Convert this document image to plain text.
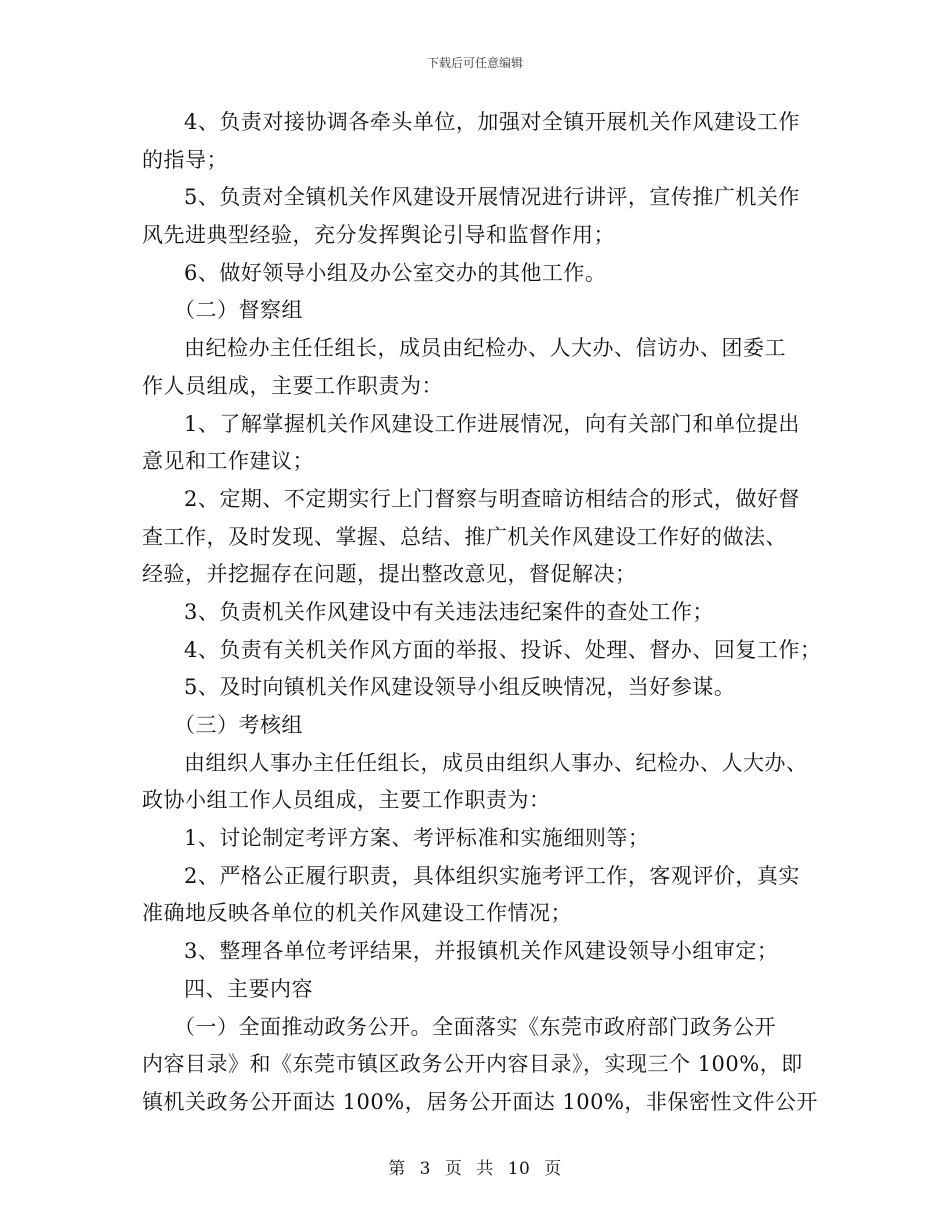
下载后可任意编辑
4、负责对接协调各牵头单位，加强对全镇开展机关作风建设工作
的指导；
5、负责对全镇机关作风建设开展情况进行讲评，宣传推广机关作
风先进典型经验，充分发挥舆论引导和监督作用；
6、做好领导小组及办公室交办的其他工作。
（二）督察组
由纪检办主任任组长，成员由纪检办、人大办、信访办、团委工
作人员组成，主要工作职责为：
1、了解掌握机关作风建设工作进展情况，向有关部门和单位提出
意见和工作建议；
2、定期、不定期实行上门督察与明查暗访相结合的形式，做好督
查工作，及时发现、掌握、总结、推广机关作风建设工作好的做法、
经验，并挖掘存在问题，提出整改意见，督促解决；
3、负责机关作风建设中有关违法违纪案件的查处工作；
4、负责有关机关作风方面的举报、投诉、处理、督办、回复工作；
5、及时向镇机关作风建设领导小组反映情况，当好参谋。
（三）考核组
由组织人事办主任任组长，成员由组织人事办、纪检办、人大办、
政协小组工作人员组成，主要工作职责为：
1、讨论制定考评方案、考评标准和实施细则等；
2、严格公正履行职责，具体组织实施考评工作，客观评价，真实
准确地反映各单位的机关作风建设工作情况；
3、整理各单位考评结果，并报镇机关作风建设领导小组审定；
四、主要内容
（一）全面推动政务公开。全面落实《东莞市政府部门政务公开
内容目录》和《东莞市镇区政务公开内容目录》，实现三个 100%，即
镇机关政务公开面达 100%，居务公开面达 100%，非保密性文件公开
第 3 页 共 10 页
